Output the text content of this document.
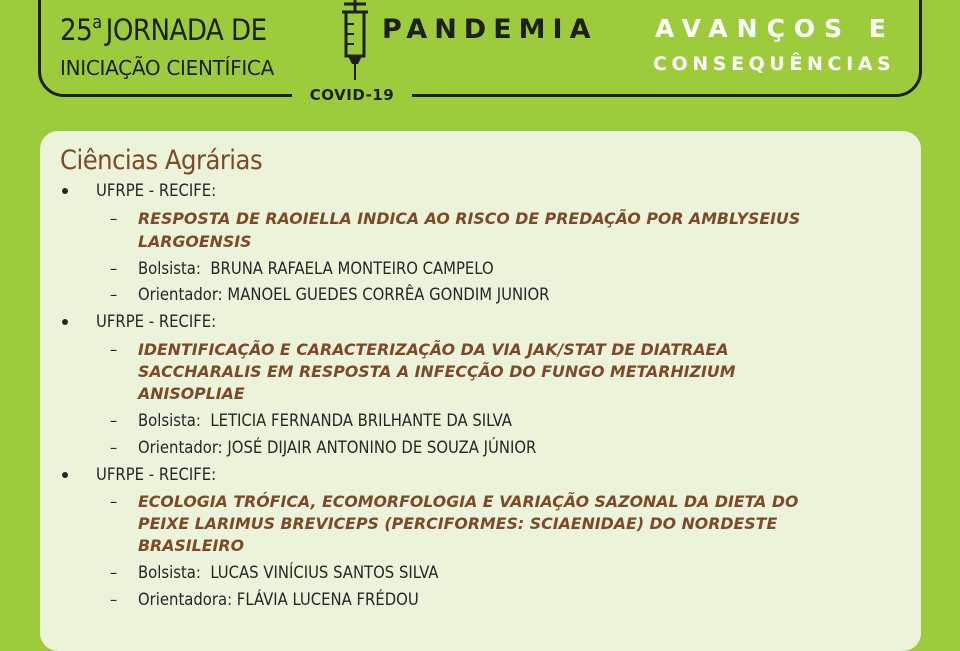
COVID-19
25$^a$ JORNADA DE
INICIAÇÃO CIENTÍFICA
PANDEMIA AVANÇOS E
CONSEQUÊNCIAS
Ciências Agrárias
UFRPE - RECIFE:
– RESPOSTA DE RAOIELLA INDICA AO RISCO DE PREDAÇÃO POR AMBLYSEIUS
LARGOENSIS
– Bolsista: BRUNA RAFAELA MONTEIRO CAMPELO
– Orientador: MANOEL GUEDES CORRÊA GONDIM JUNIOR
UFRPE - RECIFE:
– IDENTIFICAÇÃO E CARACTERIZAÇÃO DA VIA JAK/STAT DE DIATRAEA
SACCHARALIS EM RESPOSTA A INFECÇÃO DO FUNGO METARHIZIUM
ANISOPLIAE
– Bolsista: LETICIA FERNANDA BRILHANTE DA SILVA
– Orientador: JOSÉ DIJAIR ANTONINO DE SOUZA JÚNIOR
UFRPE - RECIFE:
– ECOLOGIA TRÓFICA, ECOMORFOLOGIA E VARIAÇÃO SAZONAL DA DIETA DO
PEIXE LARIMUS BREVICEPS (PERCIFORMES: SCIAENIDAE) DO NORDESTE
BRASILEIRO
– Bolsista: LUCAS VINÍCIUS SANTOS SILVA
– Orientadora: FLÁVIA LUCENA FRÉDOU
